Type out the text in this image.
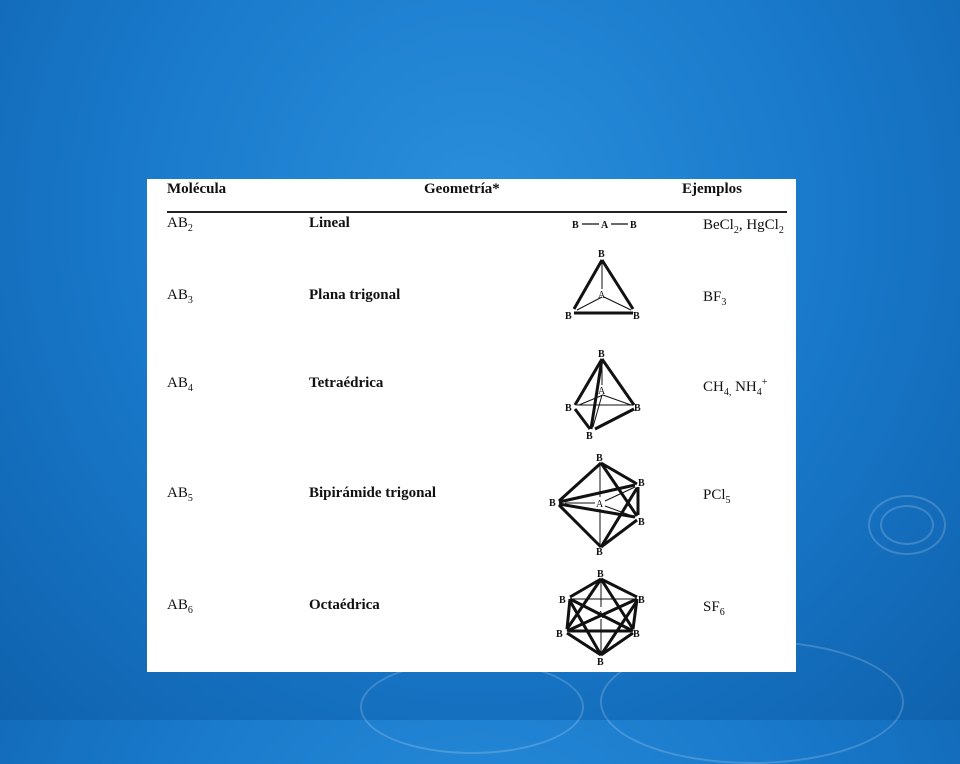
Molécula	Geometría*	Ejemplos
$AB_2$	Lineal	BeCl$_2$, HgCl$_2$
$AB_3$	Plana trigonal	$BF_3$
$AB_4$	Tetraédrica	$CH_{4,}$ $NH_4^+$
$AB_5$	Bipirámide trigonal	PCl$_5$
$AB_6$	Octaédrica	$SF_6$
B A B
B
A
B	B
B
A
B	B
B
B
A
B
B
B
B
B
A
B	B
B	B
B
